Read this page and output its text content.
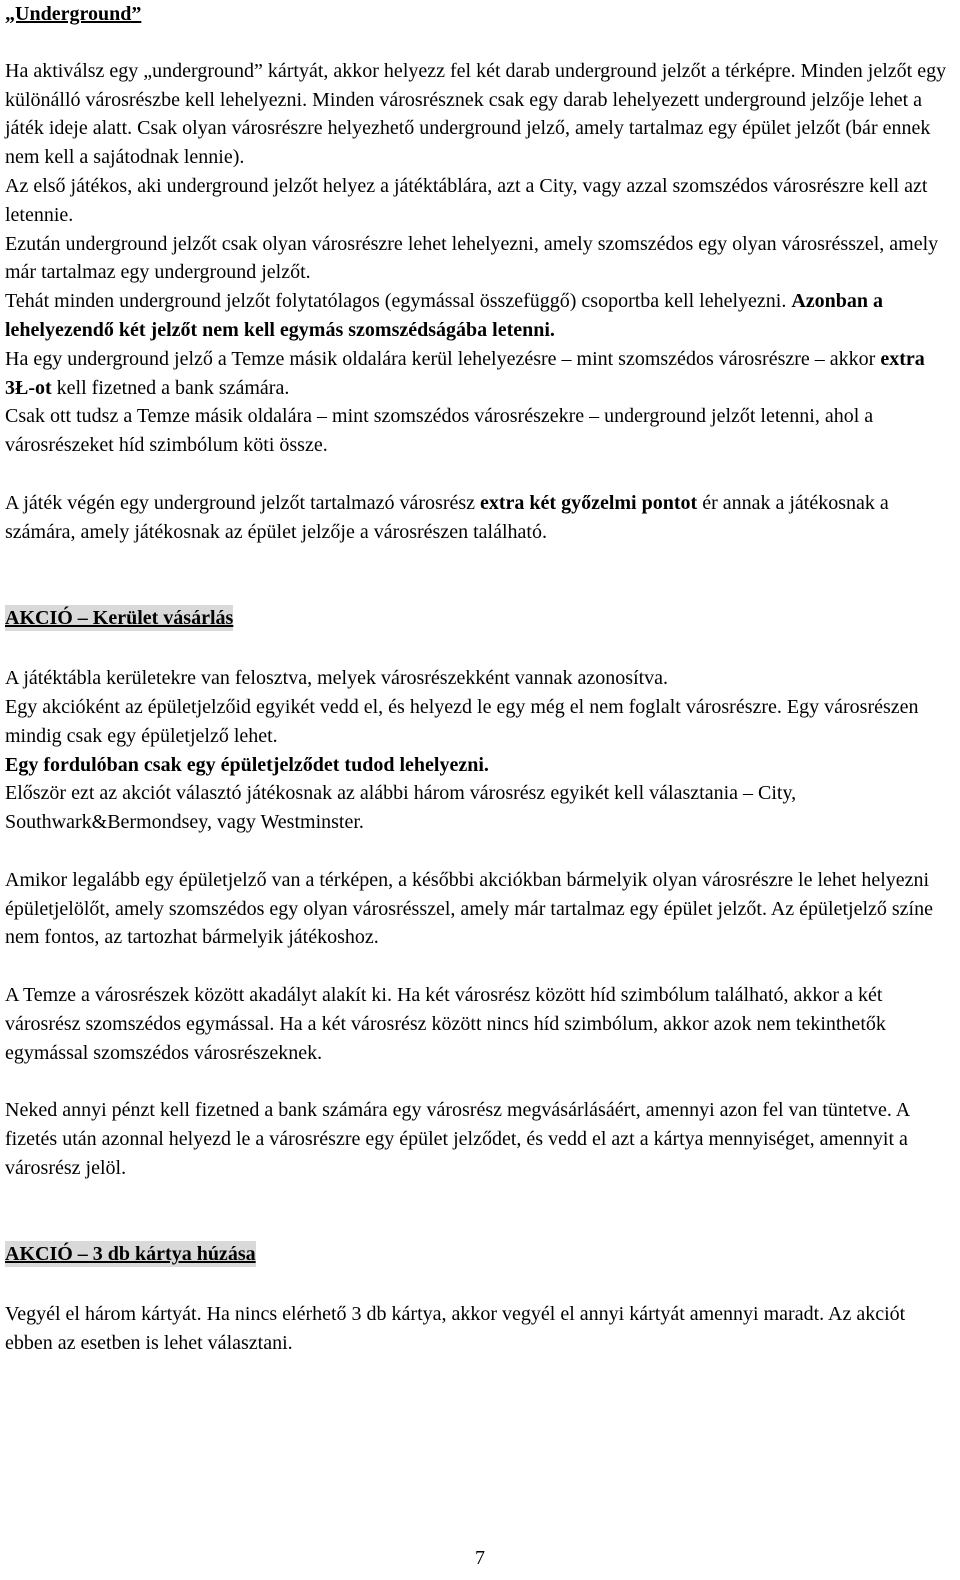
„Underground”

Ha aktiválsz egy „underground” kártyát, akkor helyezz fel két darab underground jelzőt a térképre. Minden jelzőt egy különálló városrészbe kell lehelyezni. Minden városrésznek csak egy darab lehelyezett underground jelzője lehet a játék ideje alatt. Csak olyan városrészre helyezhető underground jelző, amely tartalmaz egy épület jelzőt (bár ennek nem kell a sajátodnak lennie).

Az első játékos, aki underground jelzőt helyez a játéktáblára, azt a City, vagy azzal szomszédos városrészre kell azt letennie.

Ezután underground jelzőt csak olyan városrészre lehet lehelyezni, amely szomszédos egy olyan városrésszel, amely már tartalmaz egy underground jelzőt.

Tehát minden underground jelzőt folytatólagos (egymással összefüggő) csoportba kell lehelyezni. Azonban a lehelyezendő két jelzőt nem kell egymás szomszédságába letenni.

Ha egy underground jelző a Temze másik oldalára kerül lehelyezésre – mint szomszédos városrészre – akkor extra 3Ł-ot kell fizetned a bank számára.

Csak ott tudsz a Temze másik oldalára – mint szomszédos városrészekre – underground jelzőt letenni, ahol a városrészeket híd szimbólum köti össze.

A játék végén egy underground jelzőt tartalmazó városrész extra két győzelmi pontot ér annak a játékosnak a számára, amely játékosnak az épület jelzője a városrészen található.

AKCIÓ – Kerület vásárlás

A játéktábla kerületekre van felosztva, melyek városrészekként vannak azonosítva.

Egy akcióként az épületjelzőid egyikét vedd el, és helyezd le egy még el nem foglalt városrészre. Egy városrészen mindig csak egy épületjelző lehet.

Egy fordulóban csak egy épületjelződet tudod lehelyezni.

Először ezt az akciót választó játékosnak az alábbi három városrész egyikét kell választania – City, Southwark&Bermondsey, vagy Westminster.

Amikor legalább egy épületjelző van a térképen, a későbbi akciókban bármelyik olyan városrészre le lehet helyezni épületjelölőt, amely szomszédos egy olyan városrésszel, amely már tartalmaz egy épület jelzőt. Az épületjelző színe nem fontos, az tartozhat bármelyik játékoshoz.

A Temze a városrészek között akadályt alakít ki. Ha két városrész között híd szimbólum található, akkor a két városrész szomszédos egymással. Ha a két városrész között nincs híd szimbólum, akkor azok nem tekinthetők egymással szomszédos városrészeknek.

Neked annyi pénzt kell fizetned a bank számára egy városrész megvásárlásáért, amennyi azon fel van tüntetve. A fizetés után azonnal helyezd le a városrészre egy épület jelződet, és vedd el azt a kártya mennyiséget, amennyit a városrész jelöl.

AKCIÓ – 3 db kártya húzása

Vegyél el három kártyát. Ha nincs elérhető 3 db kártya, akkor vegyél el annyi kártyát amennyi maradt. Az akciót ebben az esetben is lehet választani.

7
